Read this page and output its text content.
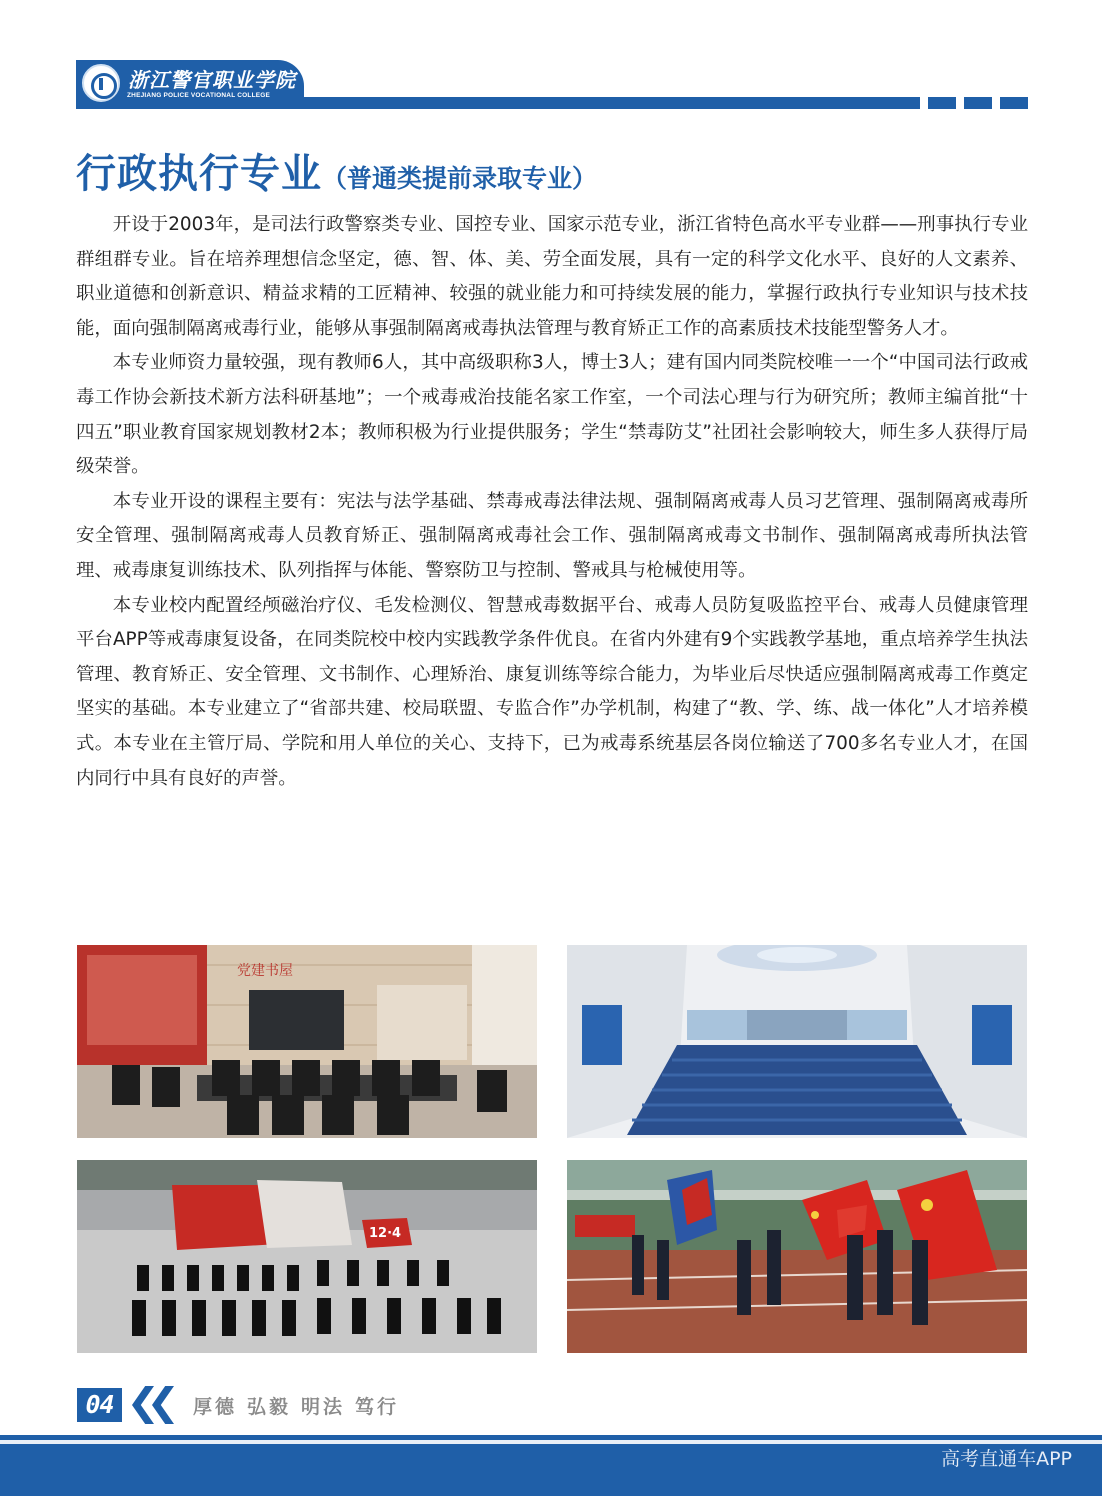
浙江警官职业学院
ZHEJIANG POLICE VOCATIONAL COLLEGE
行政执行专业（普通类提前录取专业）

开设于2003年，是司法行政警察类专业、国控专业、国家示范专业，浙江省特色高水平专业群——刑事执行专业群组群专业。旨在培养理想信念坚定，德、智、体、美、劳全面发展，具有一定的科学文化水平、良好的人文素养、职业道德和创新意识、精益求精的工匠精神、较强的就业能力和可持续发展的能力，掌握行政执行专业知识与技术技能，面向强制隔离戒毒行业，能够从事强制隔离戒毒执法管理与教育矫正工作的高素质技术技能型警务人才。

本专业师资力量较强，现有教师6人，其中高级职称3人，博士3人；建有国内同类院校唯一一个“中国司法行政戒毒工作协会新技术新方法科研基地”；一个戒毒戒治技能名家工作室，一个司法心理与行为研究所；教师主编首批“十四五”职业教育国家规划教材2本；教师积极为行业提供服务；学生“禁毒防艾”社团社会影响较大，师生多人获得厅局级荣誉。

本专业开设的课程主要有：宪法与法学基础、禁毒戒毒法律法规、强制隔离戒毒人员习艺管理、强制隔离戒毒所安全管理、强制隔离戒毒人员教育矫正、强制隔离戒毒社会工作、强制隔离戒毒文书制作、强制隔离戒毒所执法管理、戒毒康复训练技术、队列指挥与体能、警察防卫与控制、警戒具与枪械使用等。

本专业校内配置经颅磁治疗仪、毛发检测仪、智慧戒毒数据平台、戒毒人员防复吸监控平台、戒毒人员健康管理平台APP等戒毒康复设备，在同类院校中校内实践教学条件优良。在省内外建有9个实践教学基地，重点培养学生执法管理、教育矫正、安全管理、文书制作、心理矫治、康复训练等综合能力，为毕业后尽快适应强制隔离戒毒工作奠定坚实的基础。本专业建立了“省部共建、校局联盟、专监合作”办学机制，构建了“教、学、练、战一体化”人才培养模式。本专业在主管厅局、学院和用人单位的关心、支持下，已为戒毒系统基层各岗位输送了700多名专业人才，在国内同行中具有良好的声誉。

党建书屋
12·4
04	厚德 弘毅 明法 笃行
高考直通车APP
